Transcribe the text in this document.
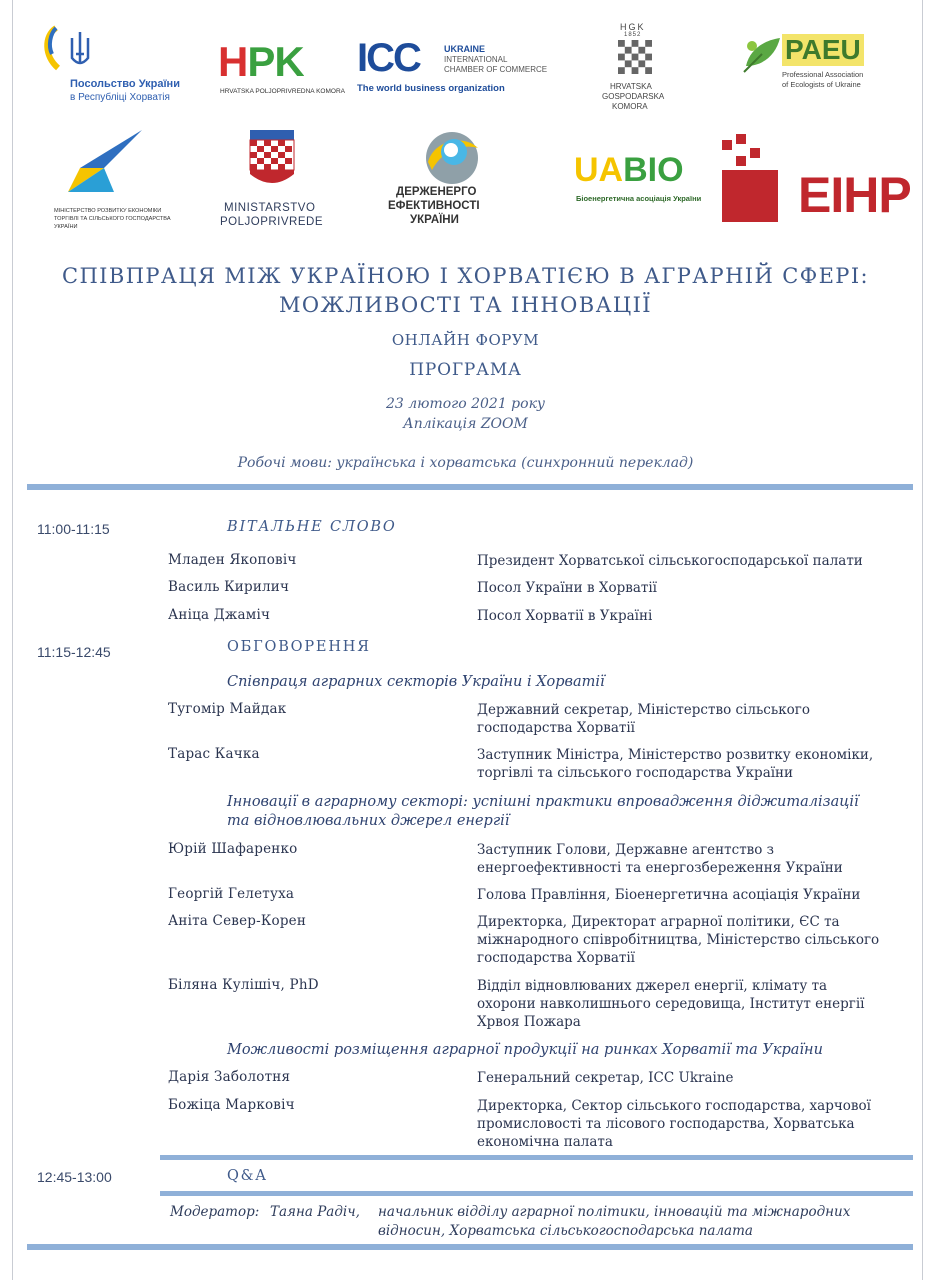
Посольство України
в Республіці Хорватія
HPK
HRVATSKA POLJOPRIVREDNA KOMORA
ICC	UKRAINE
INTERNATIONAL
CHAMBER OF COMMERCE
The world business organization
HGK
1852
HRVATSKA
GOSPODARSKA
KOMORA
PAEU
Professional Association
of Ecologists of Ukraine
МІНІСТЕРСТВО РОЗВИТКУ ЕКОНОМІКИ
ТОРГІВЛІ ТА СІЛЬСЬКОГО ГОСПОДАРСТВА
УКРАЇНИ
MINISTARSTVO
POLJOPRIVREDE
ДЕРЖЕНЕРГО
ЕФЕКТИВНОСТІ
УКРАЇНИ
UABIO
Біоенергетична асоціація України EIHP
СПІВПРАЦЯ МІЖ УКРАЇНОЮ І ХОРВАТІЄЮ В АГРАРНІЙ СФЕРІ:
МОЖЛИВОСТІ ТА ІННОВАЦІЇ
ОНЛАЙН ФОРУМ
ПРОГРАМА
23 лютого 2021 року
Аплікація ZOOM
Робочі мови: українська і хорватська (синхронний переклад)
11:00-11:15	ВІТАЛЬНЕ СЛОВО
Младен Якоповіч	Президент Хорватської сільськогосподарської палати
Василь Кирилич	Посол України в Хорватії
Аніца Джаміч	Посол Хорватії в Україні
11:15-12:45	ОБГОВОРЕННЯ
Співпраця аграрних секторів України і Хорватії
Тугомір Майдак	Державний секретар, Міністерство сільського
господарства Хорватії
Тарас Качка	Заступник Міністра, Міністерство розвитку економіки,
торгівлі та сільського господарства України
Інновації в аграрному секторі: успішні практики впровадження діджиталізації
та відновлювальних джерел енергії
Юрій Шафаренко	Заступник Голови, Державне агентство з
енергоефективності та енергозбереження України
Георгій Гелетуха	Голова Правління, Біоенергетична асоціація України
Аніта Север-Корен	Директорка, Директорат аграрної політики, ЄС та
міжнародного співробітництва, Міністерство сільського
господарства Хорватії
Біляна Кулішіч, PhD	Відділ відновлюваних джерел енергії, клімату та
охорони навколишнього середовища, Інститут енергії
Хрвоя Пожара
Можливості розміщення аграрної продукції на ринках Хорватії та України
Дарія Заболотня	Генеральний секретар, ICC Ukraine
Божіца Марковіч	Директорка, Сектор сільського господарства, харчової
промисловості та лісового господарства, Хорватська
економічна палата
12:45-13:00	Q&A
Модератор: Таяна Радіч, начальник відділу аграрної політики, інновацій та міжнародних
відносин, Хорватська сільськогосподарська палата
